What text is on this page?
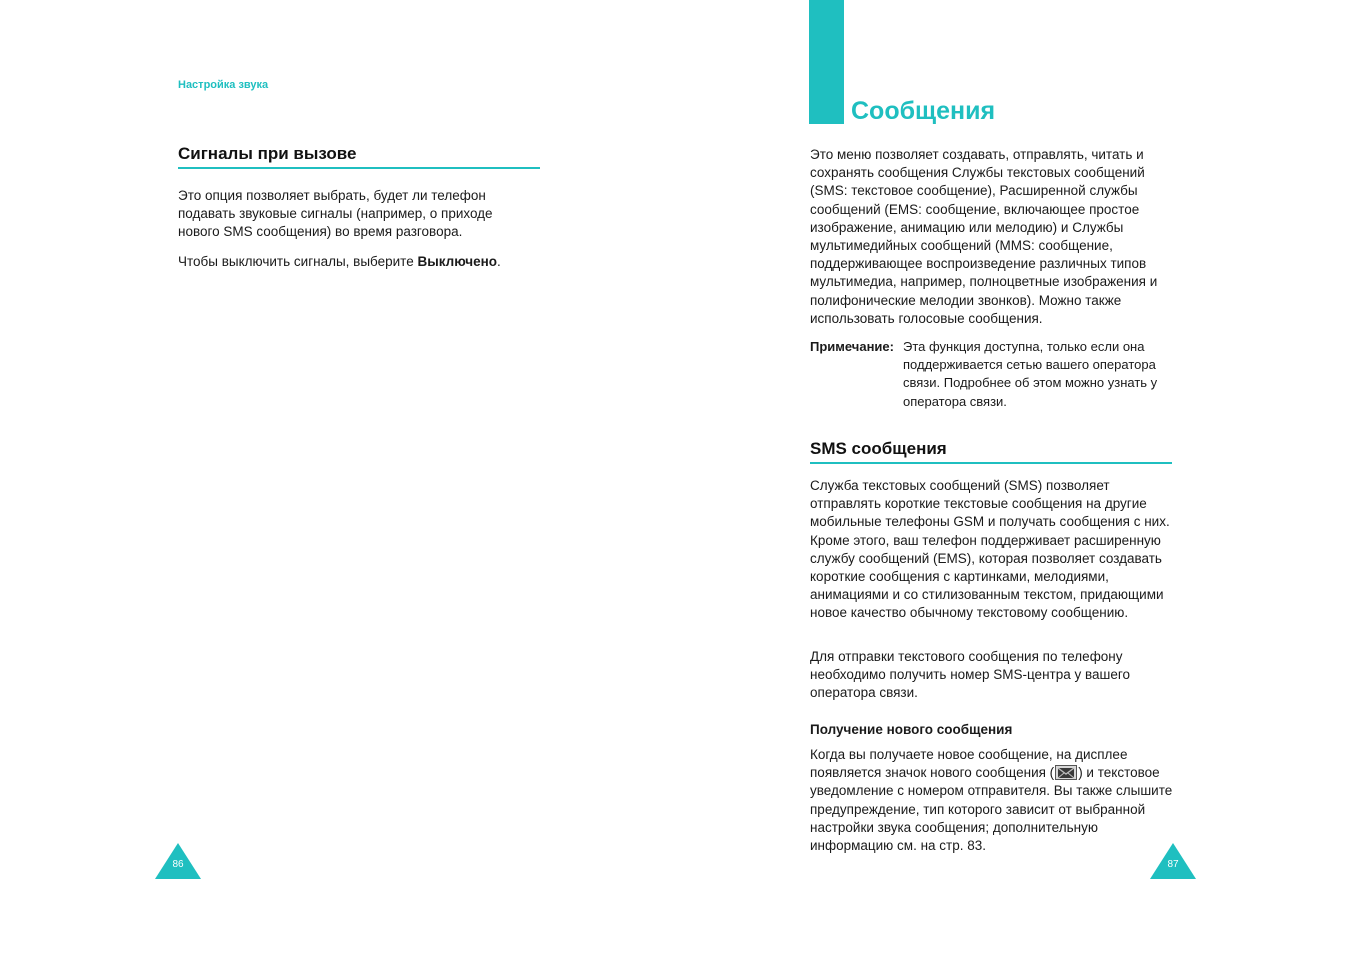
Настройка звука
Сигналы при вызове
Это опция позволяет выбрать, будет ли телефон подавать звуковые сигналы (например, о приходе нового SMS сообщения) во время разговора.
Чтобы выключить сигналы, выберите Выключено.
86
Сообщения
Это меню позволяет создавать, отправлять, читать и сохранять сообщения Службы текстовых сообщений (SMS: текстовое сообщение), Расширенной службы сообщений (EMS: сообщение, включающее простое изображение, анимацию или мелодию) и Службы мультимедийных сообщений (MMS: сообщение, поддерживающее воспроизведение различных типов мультимедиа, например, полноцветные изображения и полифонические мелодии звонков). Можно также использовать голосовые сообщения.
Примечание: Эта функция доступна, только если она поддерживается сетью вашего оператора связи. Подробнее об этом можно узнать у оператора связи.
SMS сообщения
Служба текстовых сообщений (SMS) позволяет отправлять короткие текстовые сообщения на другие мобильные телефоны GSM и получать сообщения с них. Кроме этого, ваш телефон поддерживает расширенную службу сообщений (EMS), которая позволяет создавать короткие сообщения с картинками, мелодиями, анимациями и со стилизованным текстом, придающими новое качество обычному текстовому сообщению.
Для отправки текстового сообщения по телефону необходимо получить номер SMS-центра у вашего оператора связи.
Получение нового сообщения
Когда вы получаете новое сообщение, на дисплее появляется значок нового сообщения ( ) и текстовое уведомление с номером отправителя. Вы также слышите предупреждение, тип которого зависит от выбранной настройки звука сообщения; дополнительную информацию см. на стр. 83.
87
